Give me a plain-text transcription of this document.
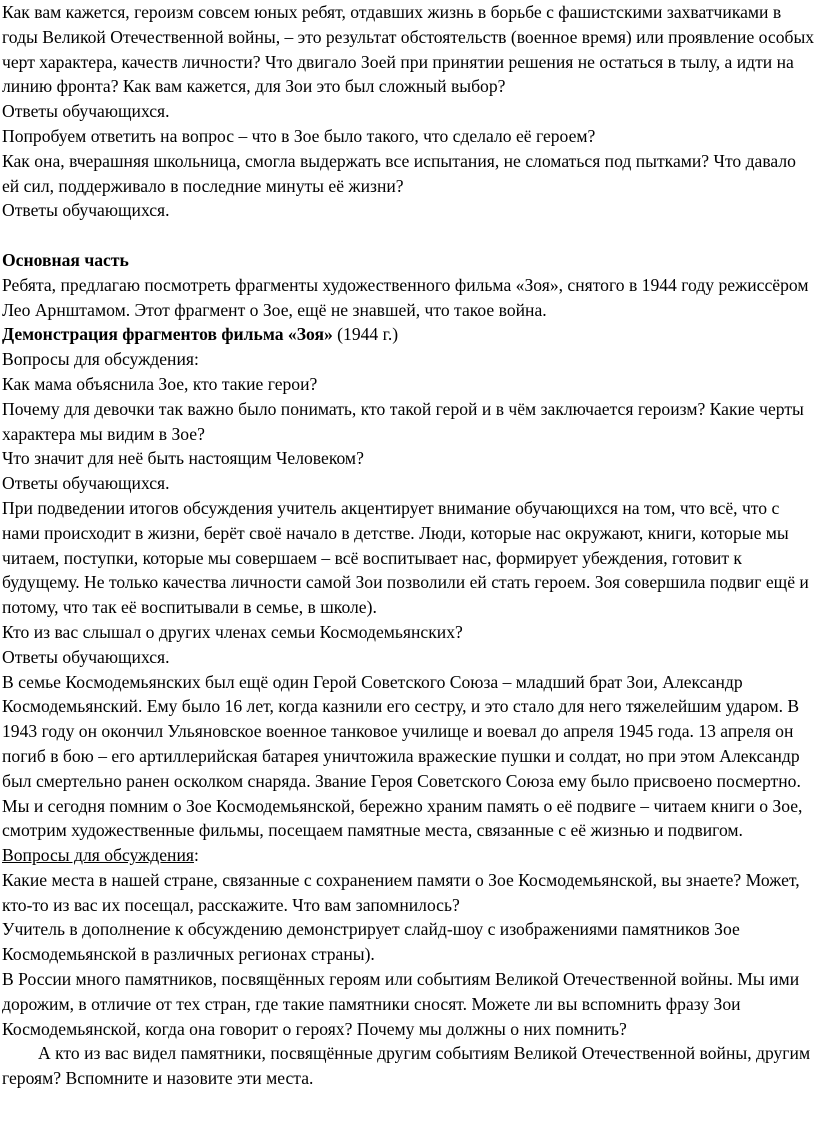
Как вам кажется, героизм совсем юных ребят, отдавших жизнь в борьбе с фашистскими захватчиками в годы Великой Отечественной войны, – это результат обстоятельств (военное время) или проявление особых черт характера, качеств личности? Что двигало Зоей при принятии решения не остаться в тылу, а идти на линию фронта? Как вам кажется, для Зои это был сложный выбор?

Ответы обучающихся.

Попробуем ответить на вопрос – что в Зое было такого, что сделало её героем?

Как она, вчерашняя школьница, смогла выдержать все испытания, не сломаться под пытками? Что давало ей сил, поддерживало в последние минуты её жизни?

Ответы обучающихся.

Основная часть

Ребята, предлагаю посмотреть фрагменты художественного фильма «Зоя», снятого в 1944 году режиссёром Лео Арнштамом. Этот фрагмент о Зое, ещё не знавшей, что такое война.

Демонстрация фрагментов фильма «Зоя» (1944 г.)

Вопросы для обсуждения:

Как мама объяснила Зое, кто такие герои?

Почему для девочки так важно было понимать, кто такой герой и в чём заключается героизм? Какие черты характера мы видим в Зое?

Что значит для неё быть настоящим Человеком?

Ответы обучающихся.

При подведении итогов обсуждения учитель акцентирует внимание обучающихся на том, что всё, что с нами происходит в жизни, берёт своё начало в детстве. Люди, которые нас окружают, книги, которые мы читаем, поступки, которые мы совершаем – всё воспитывает нас, формирует убеждения, готовит к будущему. Не только качества личности самой Зои позволили ей стать героем. Зоя совершила подвиг ещё и потому, что так её воспитывали в семье, в школе).

Кто из вас слышал о других членах семьи Космодемьянских?

Ответы обучающихся.

В семье Космодемьянских был ещё один Герой Советского Союза – младший брат Зои, Александр Космодемьянский. Ему было 16 лет, когда казнили его сестру, и это стало для него тяжелейшим ударом. В 1943 году он окончил Ульяновское военное танковое училище и воевал до апреля 1945 года. 13 апреля он погиб в бою – его артиллерийская батарея уничтожила вражеские пушки и солдат, но при этом Александр был смертельно ранен осколком снаряда. Звание Героя Советского Союза ему было присвоено посмертно.

Мы и сегодня помним о Зое Космодемьянской, бережно храним память о её подвиге – читаем книги о Зое, смотрим художественные фильмы, посещаем памятные места, связанные с её жизнью и подвигом.

Вопросы для обсуждения:

Какие места в нашей стране, связанные с сохранением памяти о Зое Космодемьянской, вы знаете? Может, кто-то из вас их посещал, расскажите. Что вам запомнилось?

Учитель в дополнение к обсуждению демонстрирует слайд-шоу с изображениями памятников Зое Космодемьянской в различных регионах страны).

В России много памятников, посвящённых героям или событиям Великой Отечественной войны. Мы ими дорожим, в отличие от тех стран, где такие памятники сносят. Можете ли вы вспомнить фразу Зои Космодемьянской, когда она говорит о героях? Почему мы должны о них помнить?

А кто из вас видел памятники, посвящённые другим событиям Великой Отечественной войны, другим героям? Вспомните и назовите эти места.
